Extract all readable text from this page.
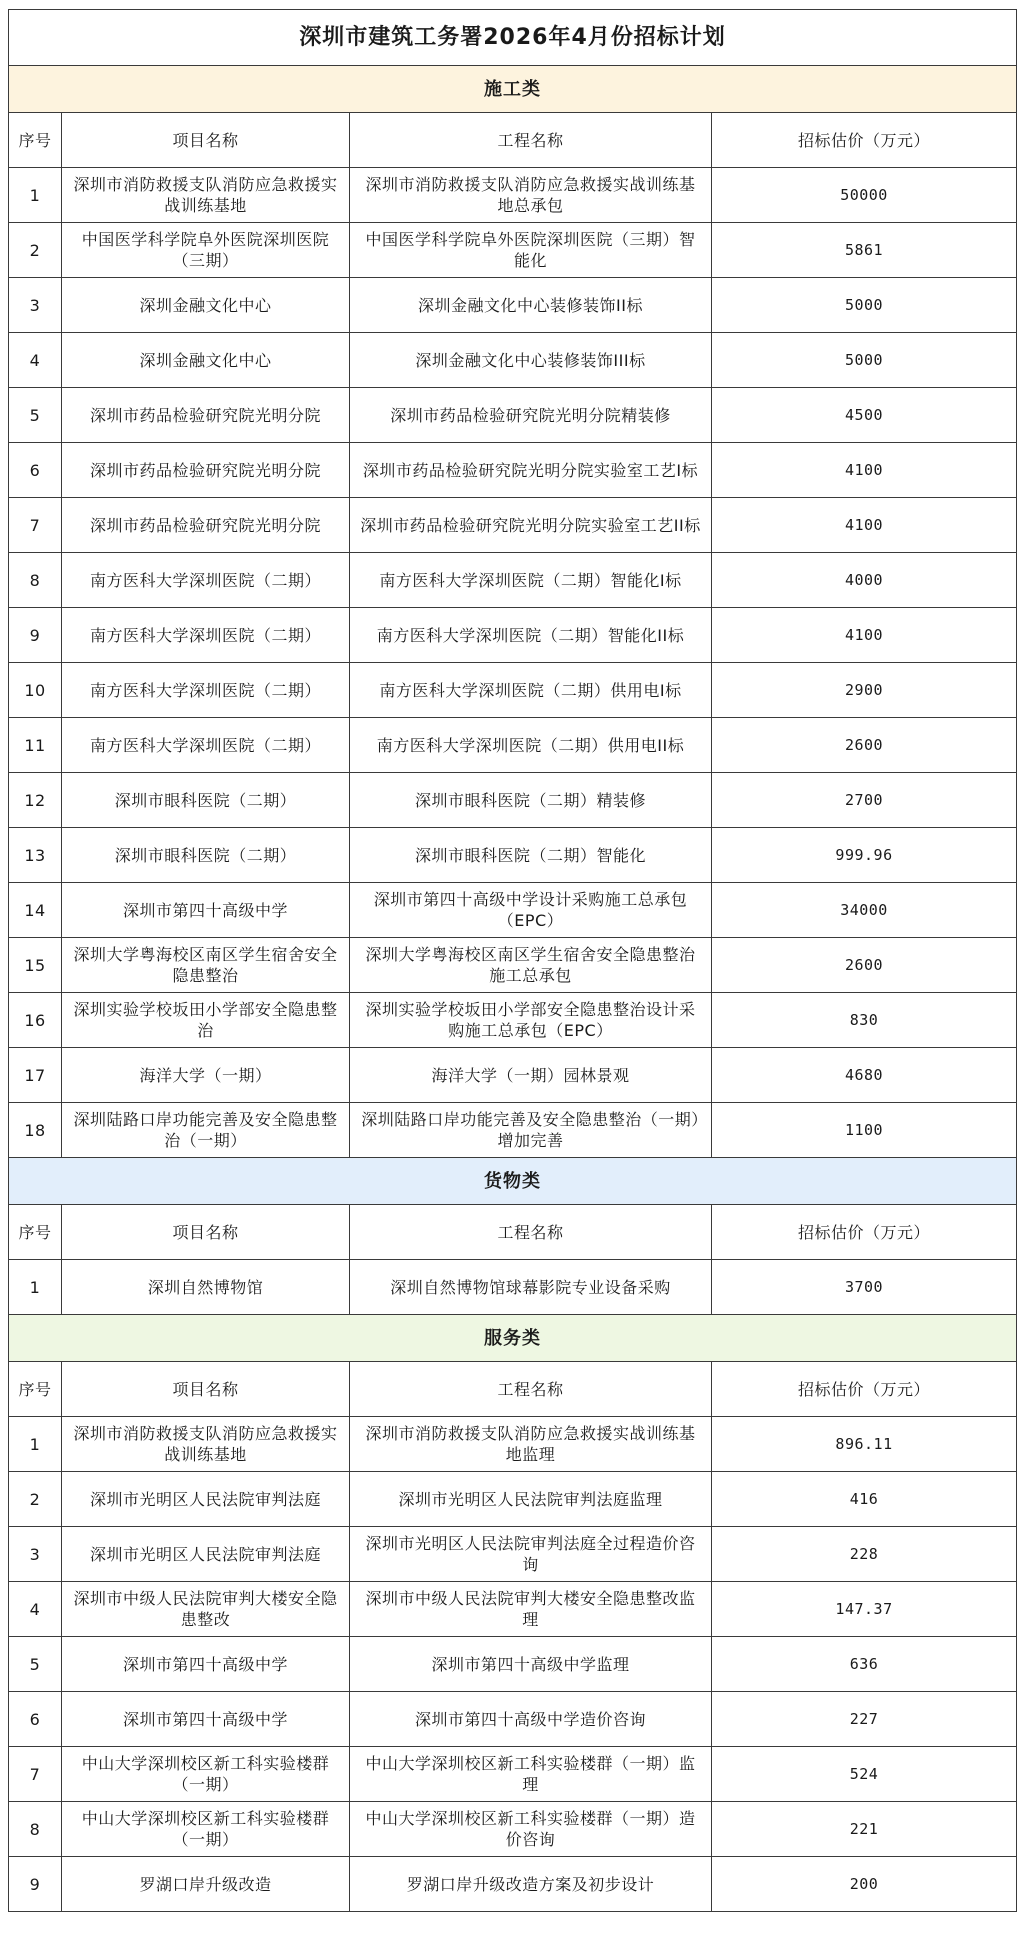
深圳市建筑工务署2026年4月份招标计划			
施工类			
序号	项目名称	工程名称	招标估价（万元）
1	深圳市消防救援支队消防应急救援实战训练基地	深圳市消防救援支队消防应急救援实战训练基地总承包	50000
2	中国医学科学院阜外医院深圳医院（三期）	中国医学科学院阜外医院深圳医院（三期）智能化	5861
3	深圳金融文化中心	深圳金融文化中心装修装饰II标	5000
4	深圳金融文化中心	深圳金融文化中心装修装饰III标	5000
5	深圳市药品检验研究院光明分院	深圳市药品检验研究院光明分院精装修	4500
6	深圳市药品检验研究院光明分院	深圳市药品检验研究院光明分院实验室工艺I标	4100
7	深圳市药品检验研究院光明分院	深圳市药品检验研究院光明分院实验室工艺II标	4100
8	南方医科大学深圳医院（二期）	南方医科大学深圳医院（二期）智能化I标	4000
9	南方医科大学深圳医院（二期）	南方医科大学深圳医院（二期）智能化II标	4100
10	南方医科大学深圳医院（二期）	南方医科大学深圳医院（二期）供用电Ⅰ标	2900
11	南方医科大学深圳医院（二期）	南方医科大学深圳医院（二期）供用电II标	2600
12	深圳市眼科医院（二期）	深圳市眼科医院（二期）精装修	2700
13	深圳市眼科医院（二期）	深圳市眼科医院（二期）智能化	999.96
14	深圳市第四十高级中学	深圳市第四十高级中学设计采购施工总承包（EPC）	34000
15	深圳大学粤海校区南区学生宿舍安全隐患整治	深圳大学粤海校区南区学生宿舍安全隐患整治施工总承包	2600
16	深圳实验学校坂田小学部安全隐患整治	深圳实验学校坂田小学部安全隐患整治设计采购施工总承包（EPC）	830
17	海洋大学（一期）	海洋大学（一期）园林景观	4680
18	深圳陆路口岸功能完善及安全隐患整治（一期）	深圳陆路口岸功能完善及安全隐患整治（一期）增加完善	1100
货物类			
序号	项目名称	工程名称	招标估价（万元）
1	深圳自然博物馆	深圳自然博物馆球幕影院专业设备采购	3700
服务类			
序号	项目名称	工程名称	招标估价（万元）
1	深圳市消防救援支队消防应急救援实战训练基地	深圳市消防救援支队消防应急救援实战训练基地监理	896.11
2	深圳市光明区人民法院审判法庭	深圳市光明区人民法院审判法庭监理	416
3	深圳市光明区人民法院审判法庭	深圳市光明区人民法院审判法庭全过程造价咨询	228
4	深圳市中级人民法院审判大楼安全隐患整改	深圳市中级人民法院审判大楼安全隐患整改监理	147.37
5	深圳市第四十高级中学	深圳市第四十高级中学监理	636
6	深圳市第四十高级中学	深圳市第四十高级中学造价咨询	227
7	中山大学深圳校区新工科实验楼群（一期）	中山大学深圳校区新工科实验楼群（一期）监理	524
8	中山大学深圳校区新工科实验楼群（一期）	中山大学深圳校区新工科实验楼群（一期）造价咨询	221
9	罗湖口岸升级改造	罗湖口岸升级改造方案及初步设计	200
